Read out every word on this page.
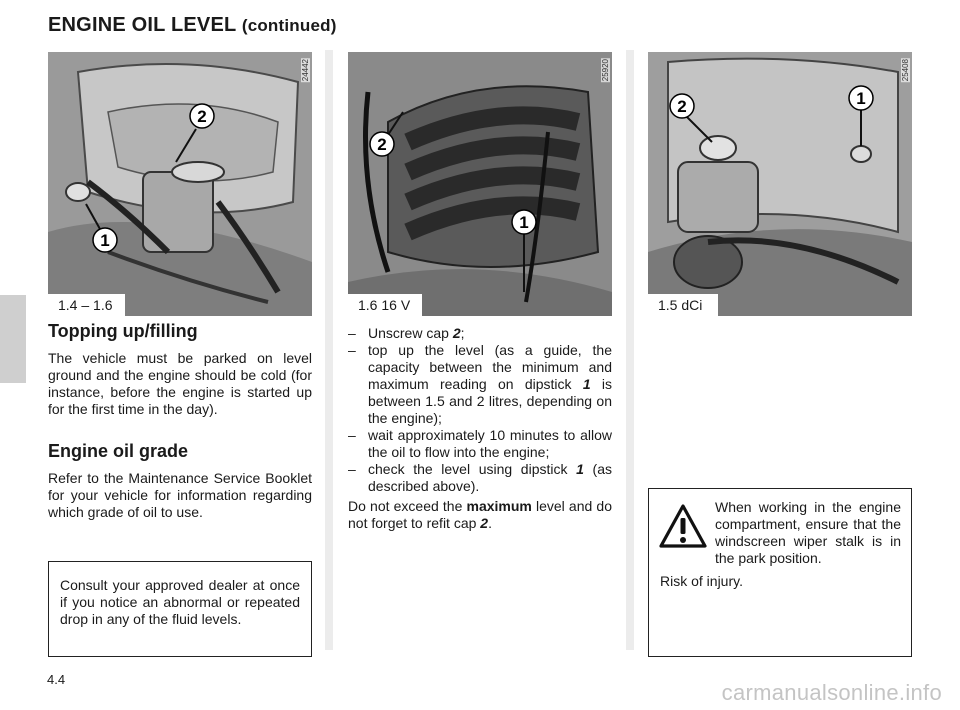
ENGINE OIL LEVEL (continued)
2
1
1.4 – 1.6
24442
2
1
1.6 16 V
25920
2	1
1.5 dCi
25408
Topping up/filling

The vehicle must be parked on level ground and the engine should be cold (for instance, before the engine is started up for the first time in the day).

Engine oil grade

Refer to the Maintenance Service Booklet for your vehicle for information regarding which grade of oil to use.

Consult your approved dealer at once if you notice an abnormal or repeated drop in any of the fluid levels.

– Unscrew cap 2;
– top up the level (as a guide, the capacity between the minimum and maximum reading on dipstick 1 is between 1.5 and 2 litres, depending on the engine);
– wait approximately 10 minutes to allow the oil to flow into the engine;
– check the level using dipstick 1 (as described above).

Do not exceed the maximum level and do not forget to refit cap 2.

When working in the engine compartment, ensure that the windscreen wiper stalk is in the park position.

Risk of injury.

4.4
carmanualsonline.info
